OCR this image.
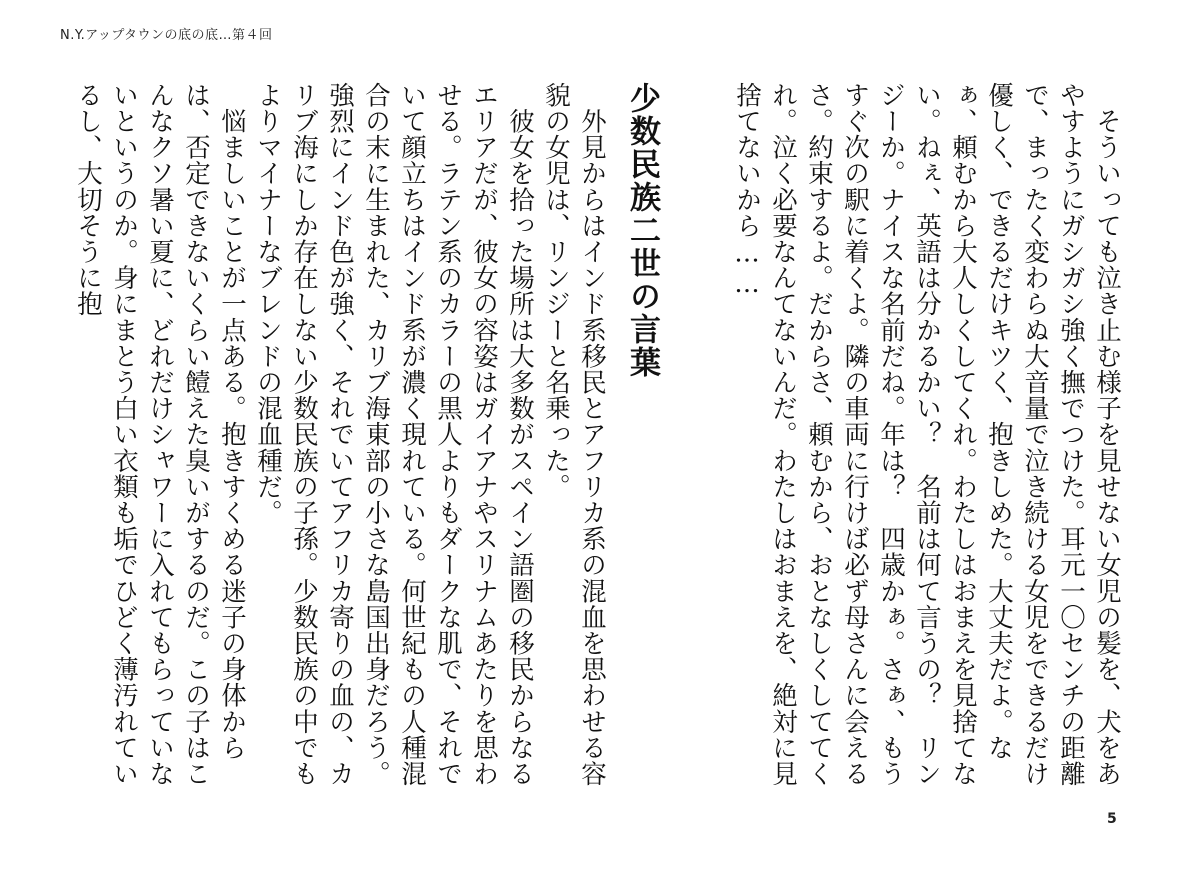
N.Y.アップタウンの底の底…第４回

　そういっても泣き止む様子を見せない女児の髪を、犬をあやすようにガシガシ強く撫でつけた。耳元一〇センチの距離で、まったく変わらぬ大音量で泣き続ける女児をできるだけ優しく、できるだけキツく、抱きしめた。大丈夫だよ。なぁ、頼むから大人しくしてくれ。わたしはおまえを見捨てない。ねぇ、英語は分かるかい？　名前は何て言うの？　リンジーか。ナイスな名前だね。年は？　四歳かぁ。さぁ、もうすぐ次の駅に着くよ。隣の車両に行けば必ず母さんに会えるさ。約束するよ。だからさ、頼むから、おとなしくしててくれ。泣く必要なんてないんだ。わたしはおまえを、絶対に見捨てないから……

少数民族二世の言葉

　外見からはインド系移民とアフリカ系の混血を思わせる容貌の女児は、リンジーと名乗った。

　彼女を拾った場所は大多数がスペイン語圏の移民からなるエリアだが、彼女の容姿はガイアナやスリナムあたりを思わせる。ラテン系のカラーの黒人よりもダークな肌で、それでいて顔立ちはインド系が濃く現れている。何世紀もの人種混合の末に生まれた、カリブ海東部の小さな島国出身だろう。強烈にインド色が強く、それでいてアフリカ寄りの血の、カリブ海にしか存在しない少数民族の子孫。少数民族の中でもよりマイナーなブレンドの混血種だ。

　悩ましいことが一点ある。抱きすくめる迷子の身体からは、否定できないくらい饐えた臭いがするのだ。この子はこんなクソ暑い夏に、どれだけシャワーに入れてもらっていないというのか。身にまとう白い衣類も垢でひどく薄汚れているし、大切そうに抱

5
